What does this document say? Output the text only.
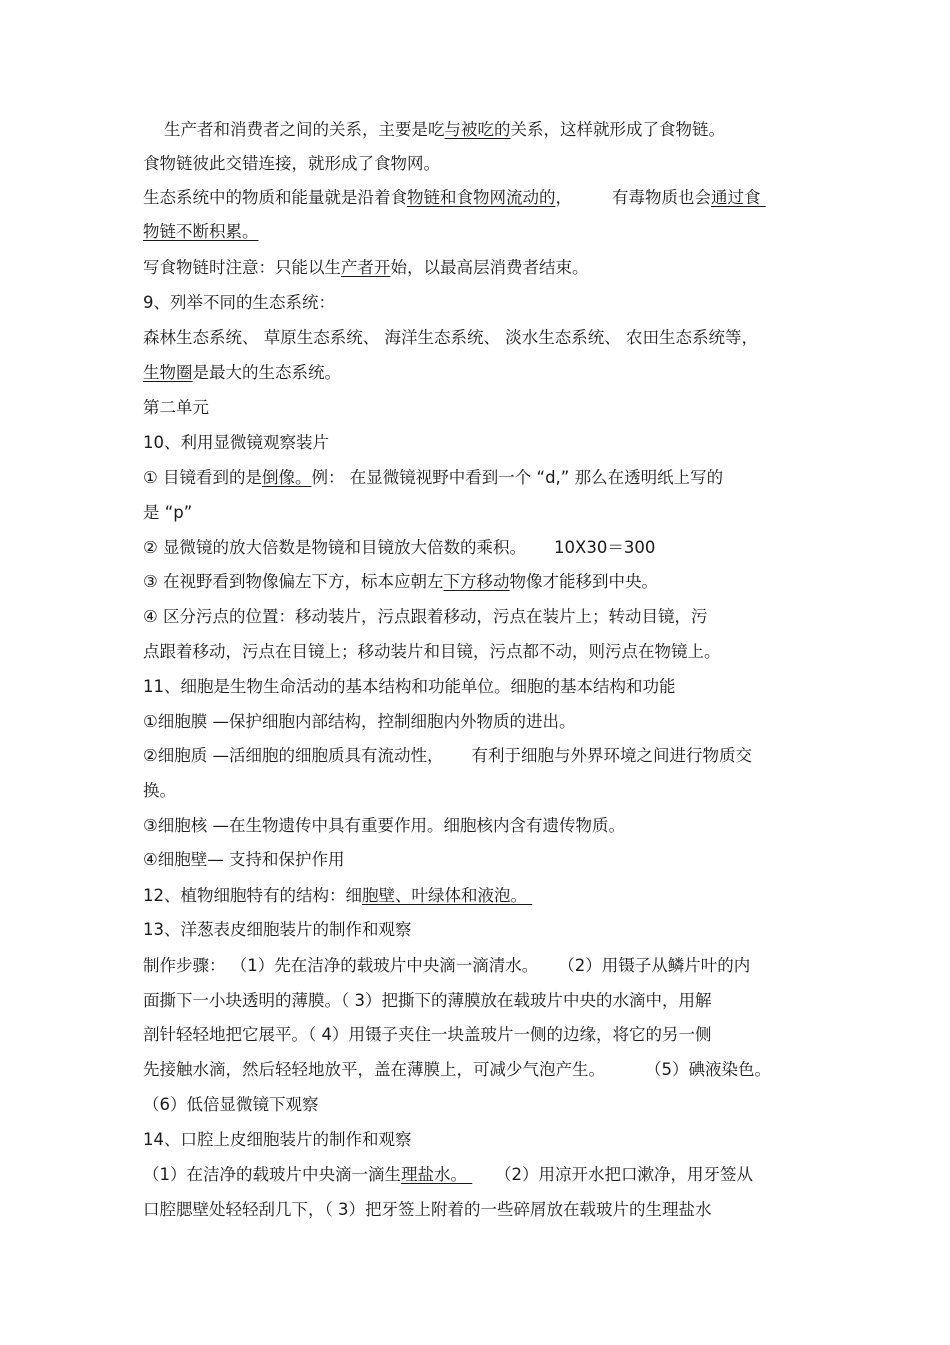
生产者和消费者之间的关系，主要是吃与被吃的关系，这样就形成了食物链。

食物链彼此交错连接，就形成了食物网。

生态系统中的物质和能量就是沿着食物链和食物网流动的， 有毒物质也会通过食

物链不断积累。

写食物链时注意：只能以生产者开始，以最高层消费者结束。

9、列举不同的生态系统：

森林生态系统、 草原生态系统、 海洋生态系统、 淡水生态系统、 农田生态系统等，

生物圈是最大的生态系统。

第二单元

10、利用显微镜观察装片

① 目镜看到的是倒像。例： 在显微镜视野中看到一个 “d,” 那么在透明纸上写的

是 “p”

② 显微镜的放大倍数是物镜和目镜放大倍数的乘积。 10X30＝300

③ 在视野看到物像偏左下方，标本应朝左下方移动物像才能移到中央。

④ 区分污点的位置：移动装片，污点跟着移动，污点在装片上；转动目镜，污

点跟着移动，污点在目镜上；移动装片和目镜，污点都不动，则污点在物镜上。

11、细胞是生物生命活动的基本结构和功能单位。细胞的基本结构和功能

①细胞膜 —保护细胞内部结构，控制细胞内外物质的进出。

②细胞质 —活细胞的细胞质具有流动性， 有利于细胞与外界环境之间进行物质交

换。

③细胞核 —在生物遗传中具有重要作用。细胞核内含有遗传物质。

④细胞壁— 支持和保护作用

12、植物细胞特有的结构：细胞壁、叶绿体和液泡。

13、洋葱表皮细胞装片的制作和观察

制作步骤： （1）先在洁净的载玻片中央滴一滴清水。 （2）用镊子从鳞片叶的内

面撕下一小块透明的薄膜。（ 3）把撕下的薄膜放在载玻片中央的水滴中，用解

剖针轻轻地把它展平。（ 4）用镊子夹住一块盖玻片一侧的边缘，将它的另一侧

先接触水滴，然后轻轻地放平，盖在薄膜上，可减少气泡产生。 （5）碘液染色。

（6）低倍显微镜下观察

14、口腔上皮细胞装片的制作和观察

（1）在洁净的载玻片中央滴一滴生理盐水。 （2）用凉开水把口漱净，用牙签从

口腔腮壁处轻轻刮几下，（ 3）把牙签上附着的一些碎屑放在载玻片的生理盐水
